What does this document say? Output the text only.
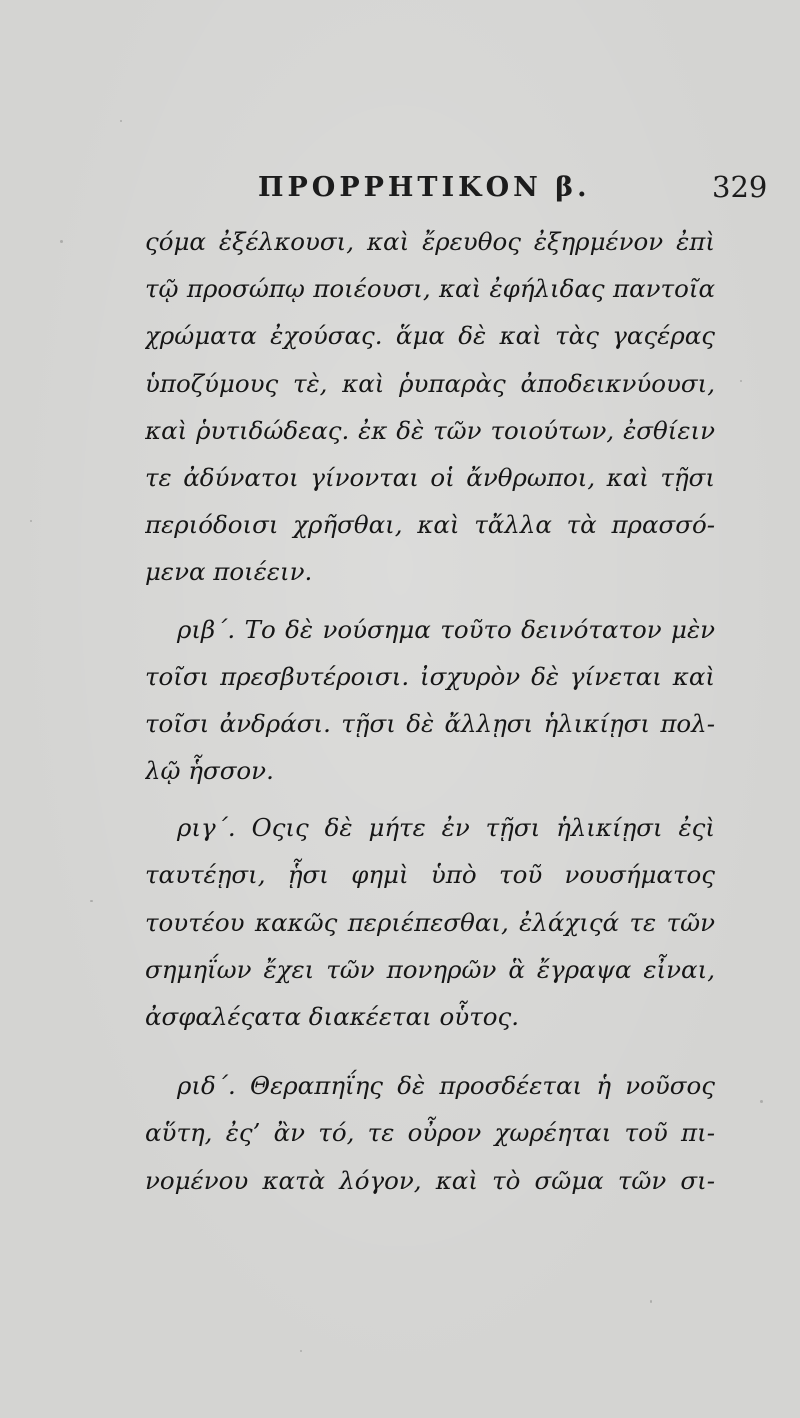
ΠΡΟΡΡΗΤΙΚΟΝ β.	329
ςόμα ἐξέλκουσι, καὶ ἔρευθος ἐξηρμένον ἐπὶ
τῷ προσώπῳ ποιέουσι, καὶ ἐφήλιδας παντοῖα
χρώματα ἐχούσας. ἅμα δὲ καὶ τὰς γαςέρας
ὑποζύμους τὲ, καὶ ῥυπαρὰς ἀποδεικνύουσι,
καὶ ῥυτιδώδεας. ἐκ δὲ τῶν τοιούτων, ἐσθίειν
τε ἀδύνατοι γίνονται οἱ ἄνθρωποι, καὶ τῇσι
περιόδοισι χρῆσθαι, καὶ τἄλλα τὰ πρασσό-
μενα ποιέειν.
ριβ΄. Το δὲ νούσημα τοῦτο δεινότατον μὲν
τοῖσι πρεσβυτέροισι. ἰσχυρὸν δὲ γίνεται καὶ
τοῖσι ἀνδράσι. τῇσι δὲ ἄλλῃσι ἡλικίῃσι πολ-
λῷ ἧσσον.
ριγ΄. Οςις δὲ μήτε ἐν τῇσι ἡλικίῃσι ἐςὶ
ταυτέῃσι, ᾗσι φημὶ ὑπὸ τοῦ νουσήματος
τουτέου κακῶς περιέπεσθαι, ἐλάχιςά τε τῶν
σημηΐων ἔχει τῶν πονηρῶν ἃ ἔγραψα εἶναι,
ἀσφαλέςατα διακέεται οὗτος.
ριδ΄. Θεραπηΐης δὲ προσδέεται ἡ νοῦσος
αὕτη, ἐς’ ἂν τό, τε οὖρον χωρέηται τοῦ πι-
νομένου κατὰ λόγον, καὶ τὸ σῶμα τῶν σι-
